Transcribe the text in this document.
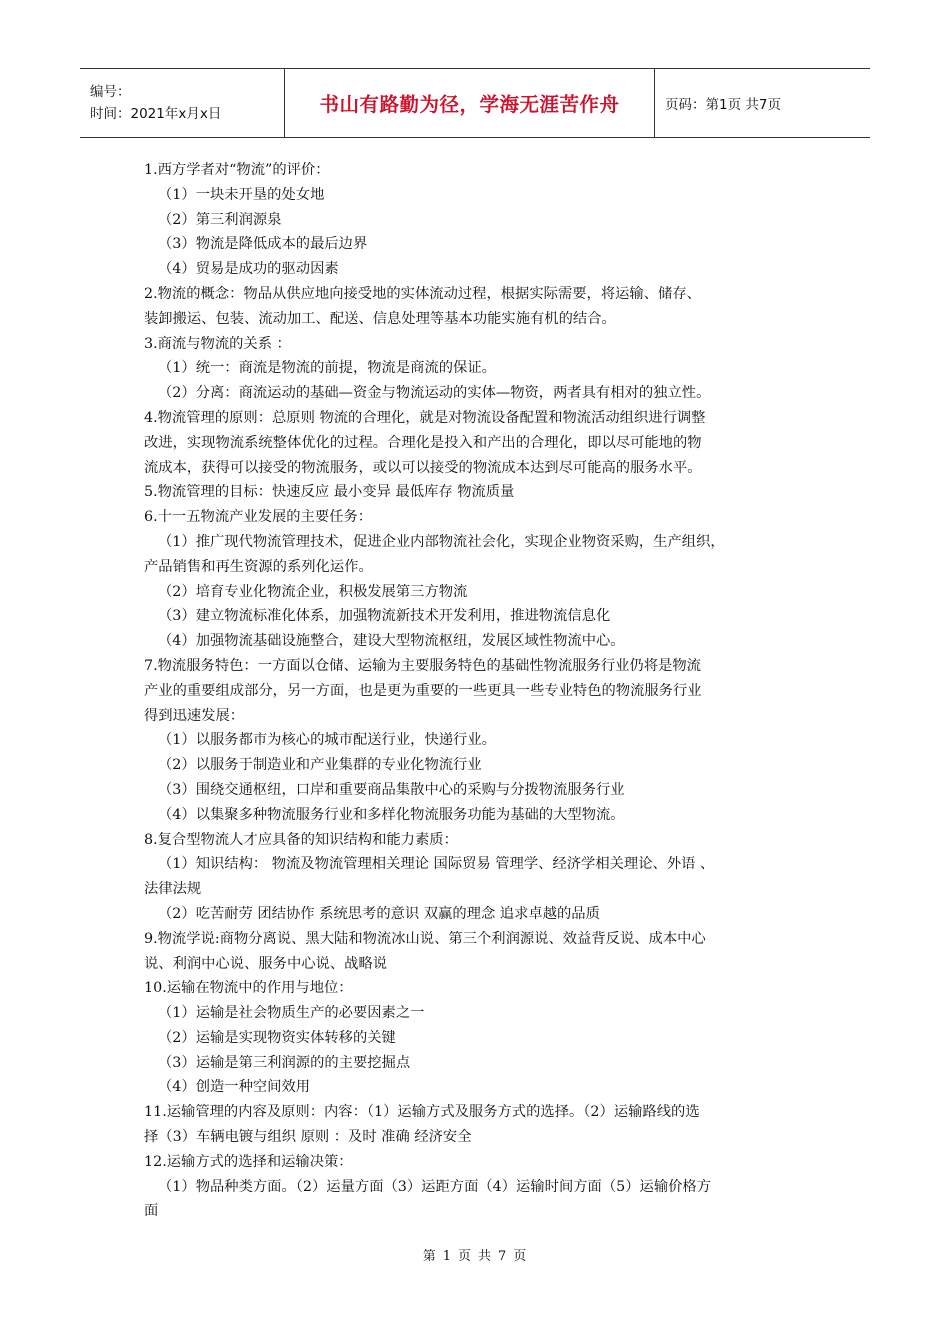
编号：
时间：2021年x月x日	书山有路勤为径，学海无涯苦作舟	页码：第1页 共7页
1.西方学者对“物流”的评价：
（1）一块未开垦的处女地
（2）第三利润源泉
（3）物流是降低成本的最后边界
（4）贸易是成功的驱动因素
2.物流的概念：物品从供应地向接受地的实体流动过程，根据实际需要，将运输、储存、
装卸搬运、包装、流动加工、配送、信息处理等基本功能实施有机的结合。
3.商流与物流的关系 ：
（1）统一：商流是物流的前提，物流是商流的保证。
（2）分离：商流运动的基础—资金与物流运动的实体—物资，两者具有相对的独立性。
4.物流管理的原则：总原则 物流的合理化，就是对物流设备配置和物流活动组织进行调整
改进，实现物流系统整体优化的过程。合理化是投入和产出的合理化，即以尽可能地的物
流成本，获得可以接受的物流服务，或以可以接受的物流成本达到尽可能高的服务水平。
5.物流管理的目标：快速反应 最小变异 最低库存 物流质量
6.十一五物流产业发展的主要任务：
（1）推广现代物流管理技术，促进企业内部物流社会化，实现企业物资采购，生产组织，
产品销售和再生资源的系列化运作。
（2）培育专业化物流企业，积极发展第三方物流
（3）建立物流标准化体系，加强物流新技术开发利用，推进物流信息化
（4）加强物流基础设施整合，建设大型物流枢纽，发展区域性物流中心。
7.物流服务特色：一方面以仓储、运输为主要服务特色的基础性物流服务行业仍将是物流
产业的重要组成部分，另一方面，也是更为重要的一些更具一些专业特色的物流服务行业
得到迅速发展：
（1）以服务都市为核心的城市配送行业，快递行业。
（2）以服务于制造业和产业集群的专业化物流行业
（3）围绕交通枢纽，口岸和重要商品集散中心的采购与分拨物流服务行业
（4）以集聚多种物流服务行业和多样化物流服务功能为基础的大型物流。
8.复合型物流人才应具备的知识结构和能力素质：
（1）知识结构： 物流及物流管理相关理论 国际贸易 管理学、经济学相关理论、外语 、
法律法规
（2）吃苦耐劳 团结协作 系统思考的意识 双赢的理念 追求卓越的品质
9.物流学说:商物分离说、黑大陆和物流冰山说、第三个利润源说、效益背反说、成本中心
说、利润中心说、服务中心说、战略说
10.运输在物流中的作用与地位：
（1）运输是社会物质生产的必要因素之一
（2）运输是实现物资实体转移的关键
（3）运输是第三利润源的的主要挖掘点
（4）创造一种空间效用
11.运输管理的内容及原则：内容：（1）运输方式及服务方式的选择。（2）运输路线的选
择（3）车辆电镀与组织 原则 ：及时 准确 经济安全
12.运输方式的选择和运输决策：
（1）物品种类方面。（2）运量方面（3）运距方面（4）运输时间方面（5）运输价格方
面
第 1 页 共 7 页
